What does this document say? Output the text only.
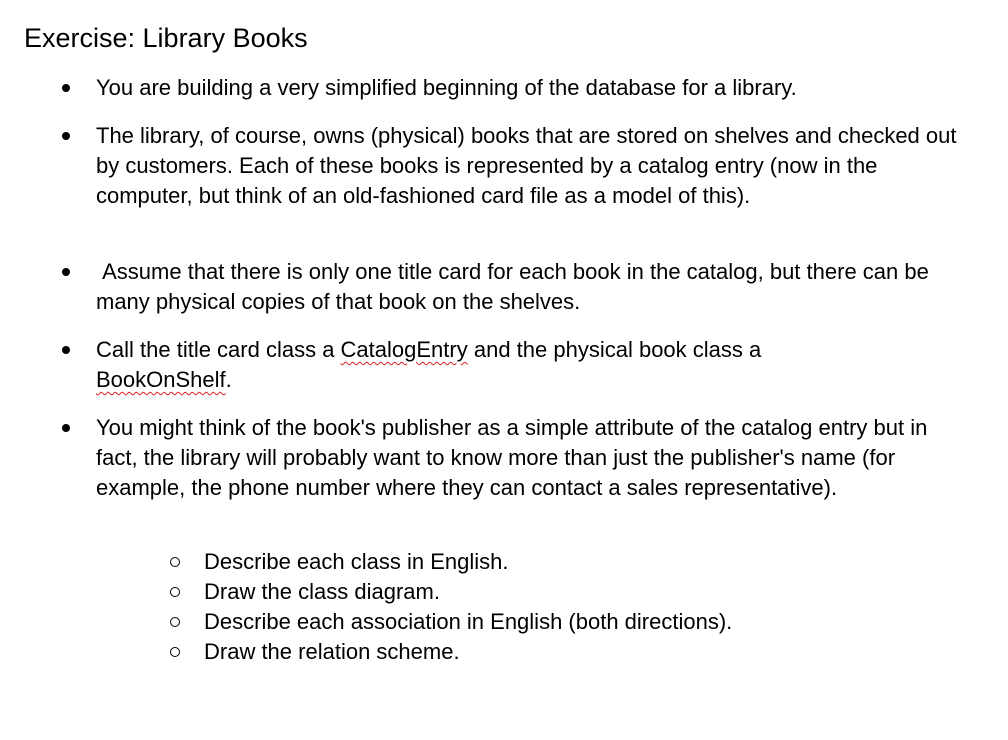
Exercise: Library Books

You are building a very simplified beginning of the database for a library.

The library, of course, owns (physical) books that are stored on shelves and checked out by customers. Each of these books is represented by a catalog entry (now in the computer, but think of an old-fashioned card file as a model of this).

Assume that there is only one title card for each book in the catalog, but there can be many physical copies of that book on the shelves.

Call the title card class a CatalogEntry and the physical book class a
BookOnShelf.

You might think of the book's publisher as a simple attribute of the catalog entry but in fact, the library will probably want to know more than just the publisher's name (for example, the phone number where they can contact a sales representative).

Describe each class in English.
Draw the class diagram.
Describe each association in English (both directions).
Draw the relation scheme.
